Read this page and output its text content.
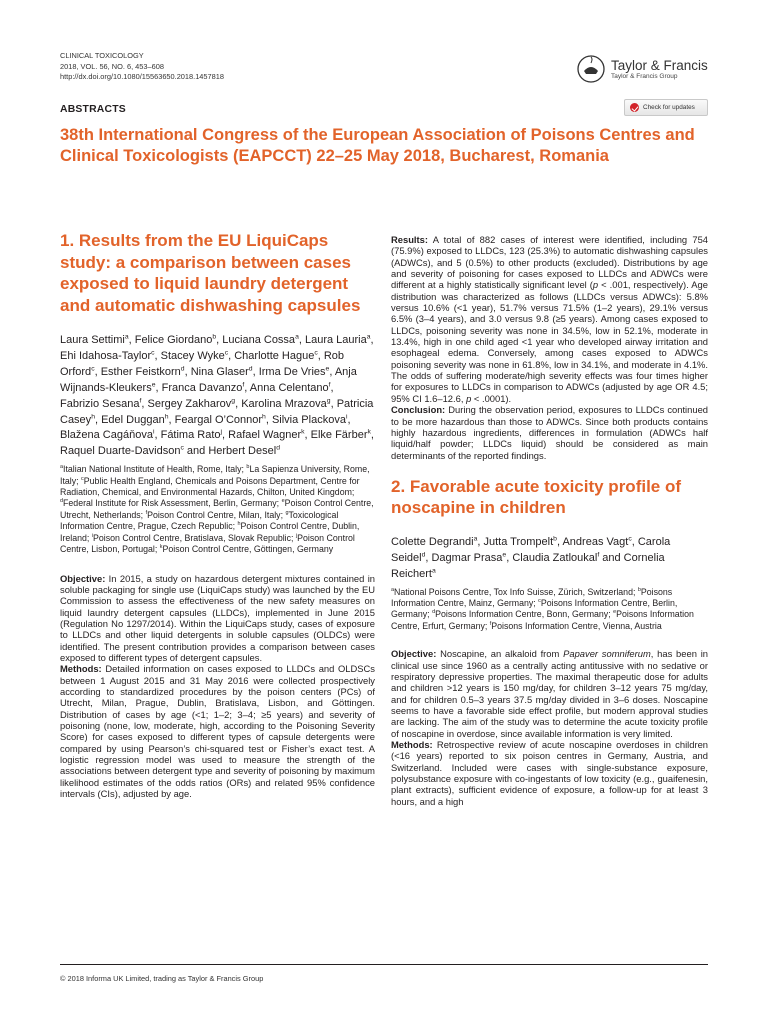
CLINICAL TOXICOLOGY
2018, VOL. 56, NO. 6, 453–608
http://dx.doi.org/10.1080/15563650.2018.1457818
Taylor & Francis
Taylor & Francis Group
ABSTRACTS	Check for updates
38th International Congress of the European Association of Poisons Centres and Clinical Toxicologists (EAPCCT) 22–25 May 2018, Bucharest, Romania
1. Results from the EU LiquiCaps study: a comparison between cases exposed to liquid laundry detergent and automatic dishwashing capsules
Laura Settimi$^a$, Felice Giordano$^b$, Luciana Cossa$^a$, Laura Lauria$^a$, Ehi Idahosa-Taylor$^c$, Stacey Wyke$^c$, Charlotte Hague$^c$, Rob Orford$^c$, Esther Feistkorn$^d$, Nina Glaser$^d$, Irma De Vries$^e$, Anja Wijnands-Kleukers$^e$, Franca Davanzo$^f$, Anna Celentano$^f$, Fabrizio Sesana$^f$, Sergey Zakharov$^g$, Karolina Mrazova$^g$, Patricia Casey$^h$, Edel Duggan$^h$, Feargal O’Connor$^h$, Silvia Plackova$^i$, Blažena Cagáňova$^i$, Fátima Rato$^j$, Rafael Wagner$^k$, Elke Färber$^k$, Raquel Duarte-Davidson$^c$ and Herbert Desel$^d$
$^a$Italian National Institute of Health, Rome, Italy; $^b$La Sapienza University, Rome, Italy; $^c$Public Health England, Chemicals and Poisons Department, Centre for Radiation, Chemical, and Environmental Hazards, Chilton, United Kingdom; $^d$Federal Institute for Risk Assessment, Berlin, Germany; $^e$Poison Control Centre, Utrecht, Netherlands; $^f$Poison Control Centre, Milan, Italy; $^g$Toxicological Information Centre, Prague, Czech Republic; $^h$Poison Control Centre, Dublin, Ireland; $^i$Poison Control Centre, Bratislava, Slovak Republic; $^j$Poison Control Centre, Lisbon, Portugal; $^k$Poison Control Centre, Göttingen, Germany

Objective: In 2015, a study on hazardous detergent mixtures contained in soluble packaging for single use (LiquiCaps study) was launched by the EU Commission to assess the effectiveness of the new safety measures on liquid laundry detergent capsules (LLDCs), implemented in June 2015 (Regulation No 1297/2014). Within the LiquiCaps study, cases of exposure to LLDCs and other liquid detergents in soluble capsules (OLDCs) were identified. The present contribution provides a comparison between cases exposed to different types of detergent capsules.

Methods: Detailed information on cases exposed to LLDCs and OLDSCs between 1 August 2015 and 31 May 2016 were collected prospectively according to standardized procedures by the poison centers (PCs) of Utrecht, Milan, Prague, Dublin, Bratislava, Lisbon, and Göttingen. Distribution of cases by age (<1; 1–2; 3–4; ≥5 years) and severity of poisoning (none, low, moderate, high, according to the Poisoning Severity Score) for cases exposed to different types of capsule detergents were compared by using Pearson’s chi-squared test or Fisher’s exact test. A logistic regression model was used to measure the strength of the associations between detergent type and severity of poisoning by maximum likelihood estimates of the odds ratios (ORs) and related 95% confidence intervals (CIs), adjusted by age.

Results: A total of 882 cases of interest were identified, including 754 (75.9%) exposed to LLDCs, 123 (25.3%) to automatic dishwashing capsules (ADWCs), and 5 (0.5%) to other products (excluded). Distributions by age and severity of poisoning for cases exposed to LLDCs and ADWCs were different at a highly statistically significant level (p < .001, respectively). Age distribution was characterized as follows (LLDCs versus ADWCs): 5.8% versus 10.6% (<1 year), 51.7% versus 71.5% (1–2 years), 29.1% versus 6.5% (3–4 years), and 3.0 versus 9.8 (≥5 years). Among cases exposed to LLDCs, poisoning severity was none in 34.5%, low in 52.1%, moderate in 13.4%, high in one child aged <1 year who developed airway irritation and esophageal edema. Conversely, among cases exposed to ADWCs poisoning severity was none in 61.8%, low in 34.1%, and moderate in 4.1%. The odds of suffering moderate/high severity effects was four times higher for exposures to LLDCs in comparison to ADWCs (adjusted by age OR 4.5; 95% CI 1.6–12.6, p < .0001).

Conclusion: During the observation period, exposures to LLDCs continued to be more hazardous than those to ADWCs. Since both products contains highly hazardous ingredients, differences in formulation (ADWCs half liquid/half powder; LLDCs liquid) should be considered as main determinants of the reported findings.

2. Favorable acute toxicity profile of noscapine in children
Colette Degrandi$^a$, Jutta Trompelt$^b$, Andreas Vagt$^c$, Carola Seidel$^d$, Dagmar Prasa$^e$, Claudia Zatloukal$^f$ and Cornelia Reichert$^a$
$^a$National Poisons Centre, Tox Info Suisse, Zürich, Switzerland; $^b$Poisons Information Centre, Mainz, Germany; $^c$Poisons Information Centre, Berlin, Germany; $^d$Poisons Information Centre, Bonn, Germany; $^e$Poisons Information Centre, Erfurt, Germany; $^f$Poisons Information Centre, Vienna, Austria

Objective: Noscapine, an alkaloid from Papaver somniferum, has been in clinical use since 1960 as a centrally acting antitussive with no sedative or respiratory depressive properties. The maximal therapeutic dose for adults and children >12 years is 150 mg/day, for children 3–12 years 75 mg/day, and for children 0.5–3 years 37.5 mg/day divided in 3–6 doses. Noscapine seems to have a favorable side effect profile, but modern approval studies are lacking. The aim of the study was to determine the acute toxicity profile of noscapine in overdose, since available information is very limited.

Methods: Retrospective review of acute noscapine overdoses in children (<16 years) reported to six poison centres in Germany, Austria, and Switzerland. Included were cases with single-substance exposure, polysubstance exposure with co-ingestants of low toxicity (e.g., guaifenesin, plant extracts), sufficient evidence of exposure, a follow-up for at least 3 hours, and a high

© 2018 Informa UK Limited, trading as Taylor & Francis Group
